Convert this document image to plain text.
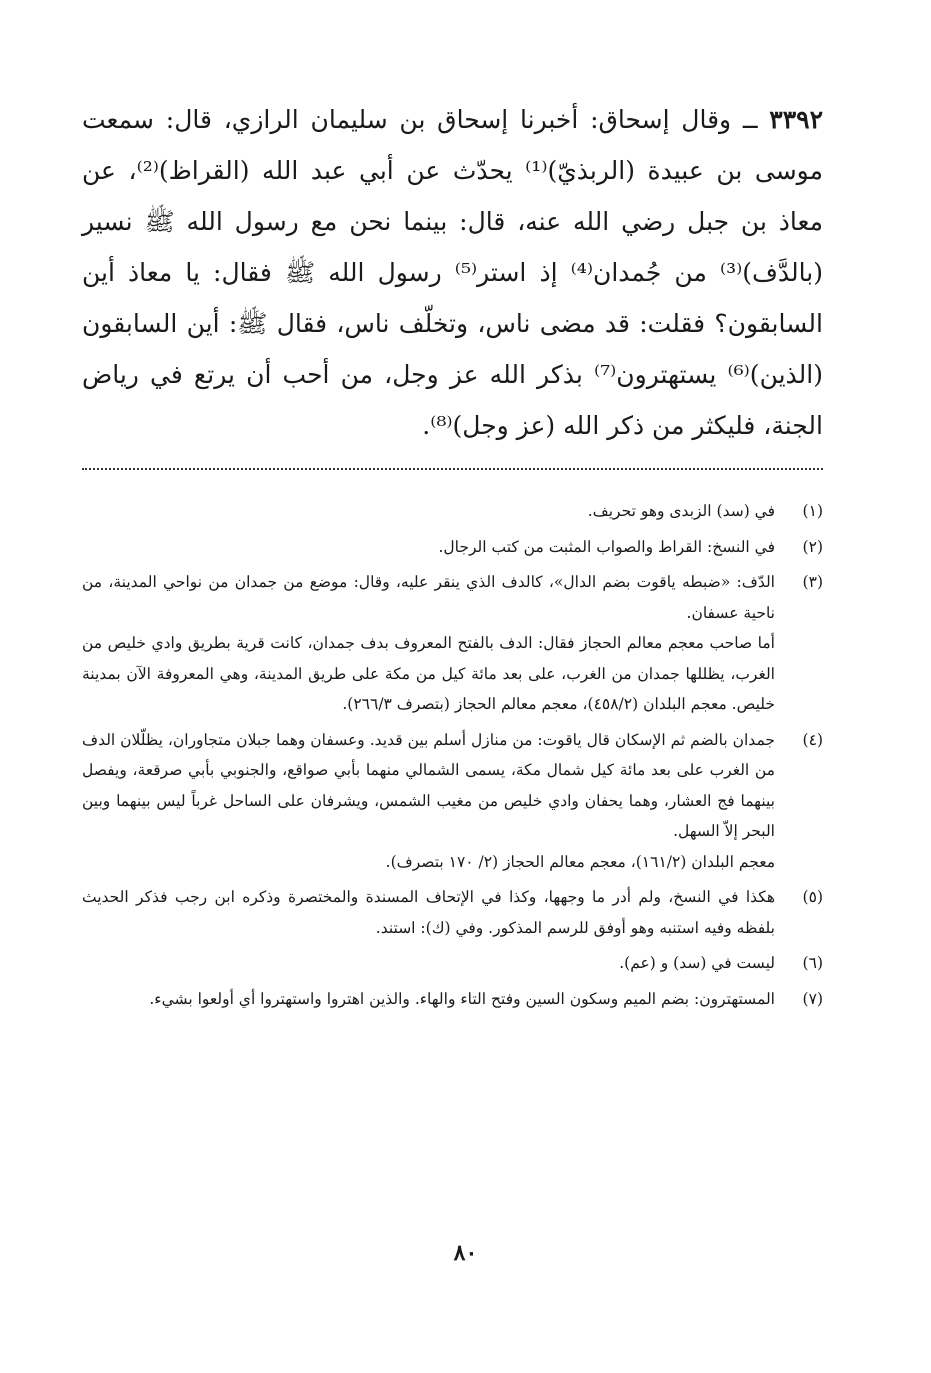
٣٣٩٢ ــ وقال إسحاق: أخبرنا إسحاق بن سليمان الرازي، قال: سمعت موسى بن عبيدة (الربذيّ)⁽¹⁾ يحدّث عن أبي عبد الله (القراظ)⁽²⁾، عن معاذ بن جبل رضي الله عنه، قال: بينما نحن مع رسول الله ﷺ نسير (بالدَّف)⁽³⁾ من جُمدان⁽⁴⁾ إذ استر⁽⁵⁾ رسول الله ﷺ فقال: يا معاذ أين السابقون؟ فقلت: قد مضى ناس، وتخلّف ناس، فقال ﷺ: أين السابقون (الذين)⁽⁶⁾ يستهترون⁽⁷⁾ بذكر الله عز وجل، من أحب أن يرتع في رياض الجنة، فليكثر من ذكر الله (عز وجل)⁽⁸⁾.
(١)
في (سد) الزبدى وهو تحريف.
(٢)
في النسخ: القراط والصواب المثبت من كتب الرجال.
(٣)
الدّف: «ضبطه ياقوت بضم الدال»، كالدف الذي ينقر عليه، وقال: موضع من جمدان من نواحي المدينة، من ناحية عسفان.
أما صاحب معجم معالم الحجاز فقال: الدف بالفتح المعروف بدف جمدان، كانت قرية بطريق وادي خليص من الغرب، يظللها جمدان من الغرب، على بعد مائة كيل من مكة على طريق المدينة، وهي المعروفة الآن بمدينة خليص. معجم البلدان (٤٥٨/٢)، معجم معالم الحجاز (بتصرف ٢٦٦/٣).
(٤)
جمدان بالضم ثم الإسكان قال ياقوت: من منازل أسلم بين قديد. وعسفان وهما جبلان متجاوران، يظلّلان الدف من الغرب على بعد مائة كيل شمال مكة، يسمى الشمالي منهما بأبي صواقع، والجنوبي بأبي صرقعة، ويفصل بينهما فج العشار، وهما يحفان وادي خليص من مغيب الشمس، ويشرفان على الساحل غرباً ليس بينهما وبين البحر إلاّ السهل.
معجم البلدان (١٦١/٢)، معجم معالم الحجاز (٢/ ١٧٠ بتصرف).
(٥)
هكذا في النسخ، ولم أدر ما وجهها، وكذا في الإتحاف المسندة والمختصرة وذكره ابن رجب فذكر الحديث بلفظه وفيه استنبه وهو أوفق للرسم المذكور. وفي (ك): استند.
(٦)
ليست في (سد) و (عم).
(٧)
المستهترون: بضم الميم وسكون السين وفتح التاء والهاء. والذين اهتروا واستهتروا أي أولعوا بشيء.
٨٠
